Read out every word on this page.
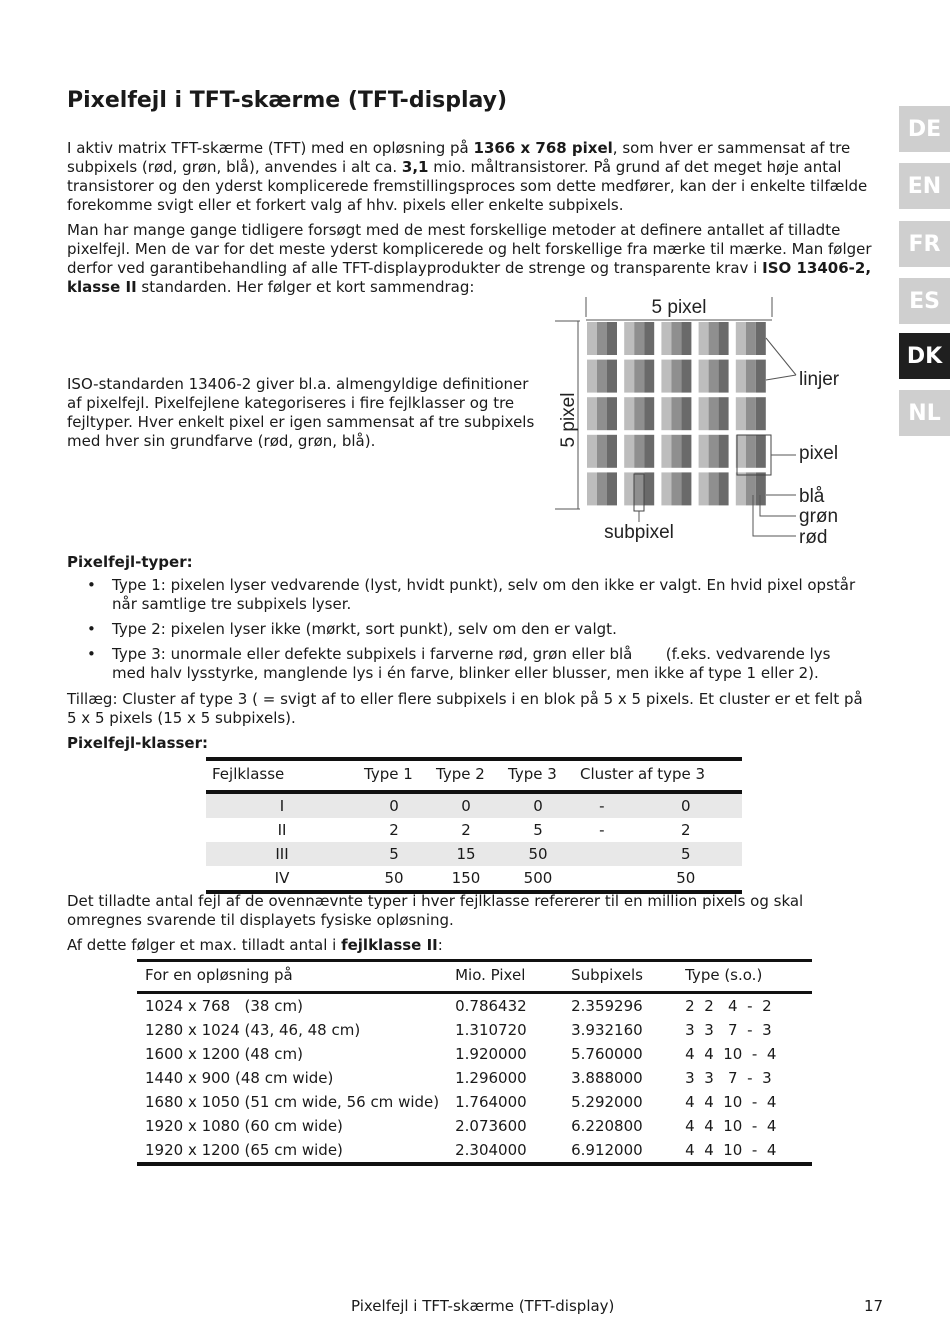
Pixelfejl i TFT-skærme (TFT-display)

I aktiv matrix TFT-skærme (TFT) med en opløsning på 1366 x 768 pixel, som hver er sammensat af tre subpixels (rød, grøn, blå), anvendes i alt ca. 3,1 mio. måltransistorer. På grund af det meget høje antal transistorer og den yderst komplicerede fremstillingsproces som dette medfører, kan der i enkelte tilfælde forekomme svigt eller et forkert valg af hhv. pixels eller enkelte subpixels.

Man har mange gange tidligere forsøgt med de mest forskellige metoder at definere antallet af tilladte pixelfejl. Men de var for det meste yderst komplicerede og helt forskellige fra mærke til mærke. Man følger derfor ved garantibehandling af alle TFT-displayprodukter de strenge og transparente krav i ISO 13406-2, klasse II standarden. Her følger et kort sammendrag:

ISO-standarden 13406-2 giver bl.a. almengyldige definitioner af pixelfejl. Pixelfejlene kategoriseres i fire fejlklasser og tre fejltyper. Hver enkelt pixel er igen sammensat af tre subpixels med hver sin grundfarve (rød, grøn, blå).

DE
EN
FR
ES
DK
NL
5 pixel
5 pixel
linjer
pixel
blå
grøn
rød
subpixel
Pixelfejl-typer:
• Type 1: pixelen lyser vedvarende (lyst, hvidt punkt), selv om den ikke er valgt. En hvid pixel opstår når samtlige tre subpixels lyser.
• Type 2: pixelen lyser ikke (mørkt, sort punkt), selv om den er valgt.
• Type 3: unormale eller defekte subpixels i farverne rød, grøn eller blå       (f.eks. vedvarende lys med halv lysstyrke, manglende lys i én farve, blinker eller blusser, men ikke af type 1 eller 2).

Tillæg: Cluster af type 3 ( = svigt af to eller flere subpixels i en blok på 5 x 5 pixels. Et cluster er et felt på 5 x 5 pixels (15 x 5 subpixels).

Pixelfejl-klasser:
Fejlklasse	Type 1	Type 2	Type 3	Cluster af type 3	
I	0	0	0	-	0
II	2	2	5	-	2
III	5	15	50		5
IV	50	150	500		50

Det tilladte antal fejl af de ovennævnte typer i hver fejlklasse refererer til en million pixels og skal omregnes svarende til displayets fysiske opløsning.

Af dette følger et max. tilladt antal i fejlklasse II:

For en opløsning på	Mio. Pixel	Subpixels	Type (s.o.)
1024 x 768   (38 cm)	0.786432	2.359296	2  2   4  -  2
1280 x 1024 (43, 46, 48 cm)	1.310720	3.932160	3  3   7  -  3
1600 x 1200 (48 cm)	1.920000	5.760000	4  4  10  -  4
1440 x 900 (48 cm wide)	1.296000	3.888000	3  3   7  -  3
1680 x 1050 (51 cm wide, 56 cm wide)	1.764000	5.292000	4  4  10  -  4
1920 x 1080 (60 cm wide)	2.073600	6.220800	4  4  10  -  4
1920 x 1200 (65 cm wide)	2.304000	6.912000	4  4  10  -  4
Pixelfejl i TFT-skærme (TFT-display)	17
